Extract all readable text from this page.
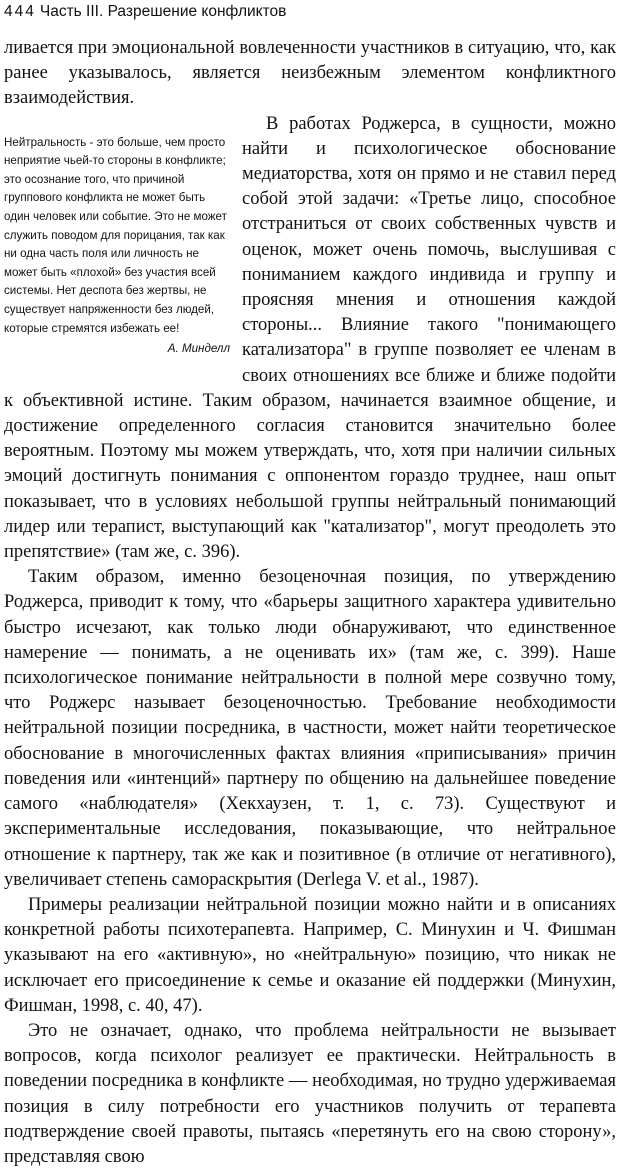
444 Часть III. Разрешение конфликтов

ливается при эмоциональной вовлеченности участников в ситуацию, что, как ранее указывалось, является неизбежным элементом конфликтного взаимодействия.

Нейтральность - это больше, чем просто неприятие чьей-то стороны в конфликте; это осознание того, что причиной группового конфликта не может быть один человек или событие. Это не может служить поводом для порицания, так как ни одна часть поля или личность не может быть «плохой» без участия всей системы. Нет деспота без жертвы, не существует напряженности без людей, которые стремятся избежать ее!
А. Минделл
В работах Роджерса, в сущности, можно найти и психологическое обоснование медиаторства, хотя он прямо и не ставил перед собой этой задачи: «Третье лицо, способное отстраниться от своих собственных чувств и оценок, может очень помочь, выслушивая с пониманием каждого индивида и группу и проясняя мнения и отношения каждой стороны... Влияние такого "понимающего катализатора" в группе позволяет ее членам в своих отношениях все ближе и ближе подойти к объективной истине. Таким образом, начинается взаимное общение, и достижение определенного согласия становится значительно более вероятным. Поэтому мы можем утверждать, что, хотя при наличии сильных эмоций достигнуть понимания с оппонентом гораздо труднее, наш опыт показывает, что в условиях небольшой группы нейтральный понимающий лидер или терапист, выступающий как "катализатор", могут преодолеть это препятствие» (там же, с. 396).

Таким образом, именно безоценочная позиция, по утверждению Роджерса, приводит к тому, что «барьеры защитного характера удивительно быстро исчезают, как только люди обнаруживают, что единственное намерение — понимать, а не оценивать их» (там же, с. 399). Наше психологическое понимание нейтральности в полной мере созвучно тому, что Роджерс называет безоценочностью. Требование необходимости нейтральной позиции посредника, в частности, может найти теоретическое обоснование в многочисленных фактах влияния «приписывания» причин поведения или «интенций» партнеру по общению на дальнейшее поведение самого «наблюдателя» (Хекхаузен, т. 1, с. 73). Существуют и экспериментальные исследования, показывающие, что нейтральное отношение к партнеру, так же как и позитивное (в отличие от негативного), увеличивает степень самораскрытия (Derlega V. et al., 1987).

Примеры реализации нейтральной позиции можно найти и в описаниях конкретной работы психотерапевта. Например, С. Минухин и Ч. Фишман указывают на его «активную», но «нейтральную» позицию, что никак не исключает его присоединение к семье и оказание ей поддержки (Минухин, Фишман, 1998, с. 40, 47).

Это не означает, однако, что проблема нейтральности не вызывает вопросов, когда психолог реализует ее практически. Нейтральность в поведении посредника в конфликте — необходимая, но трудно удерживаемая позиция в силу потребности его участников получить от терапевта подтверждение своей правоты, пытаясь «перетянуть его на свою сторону», представляя свою
